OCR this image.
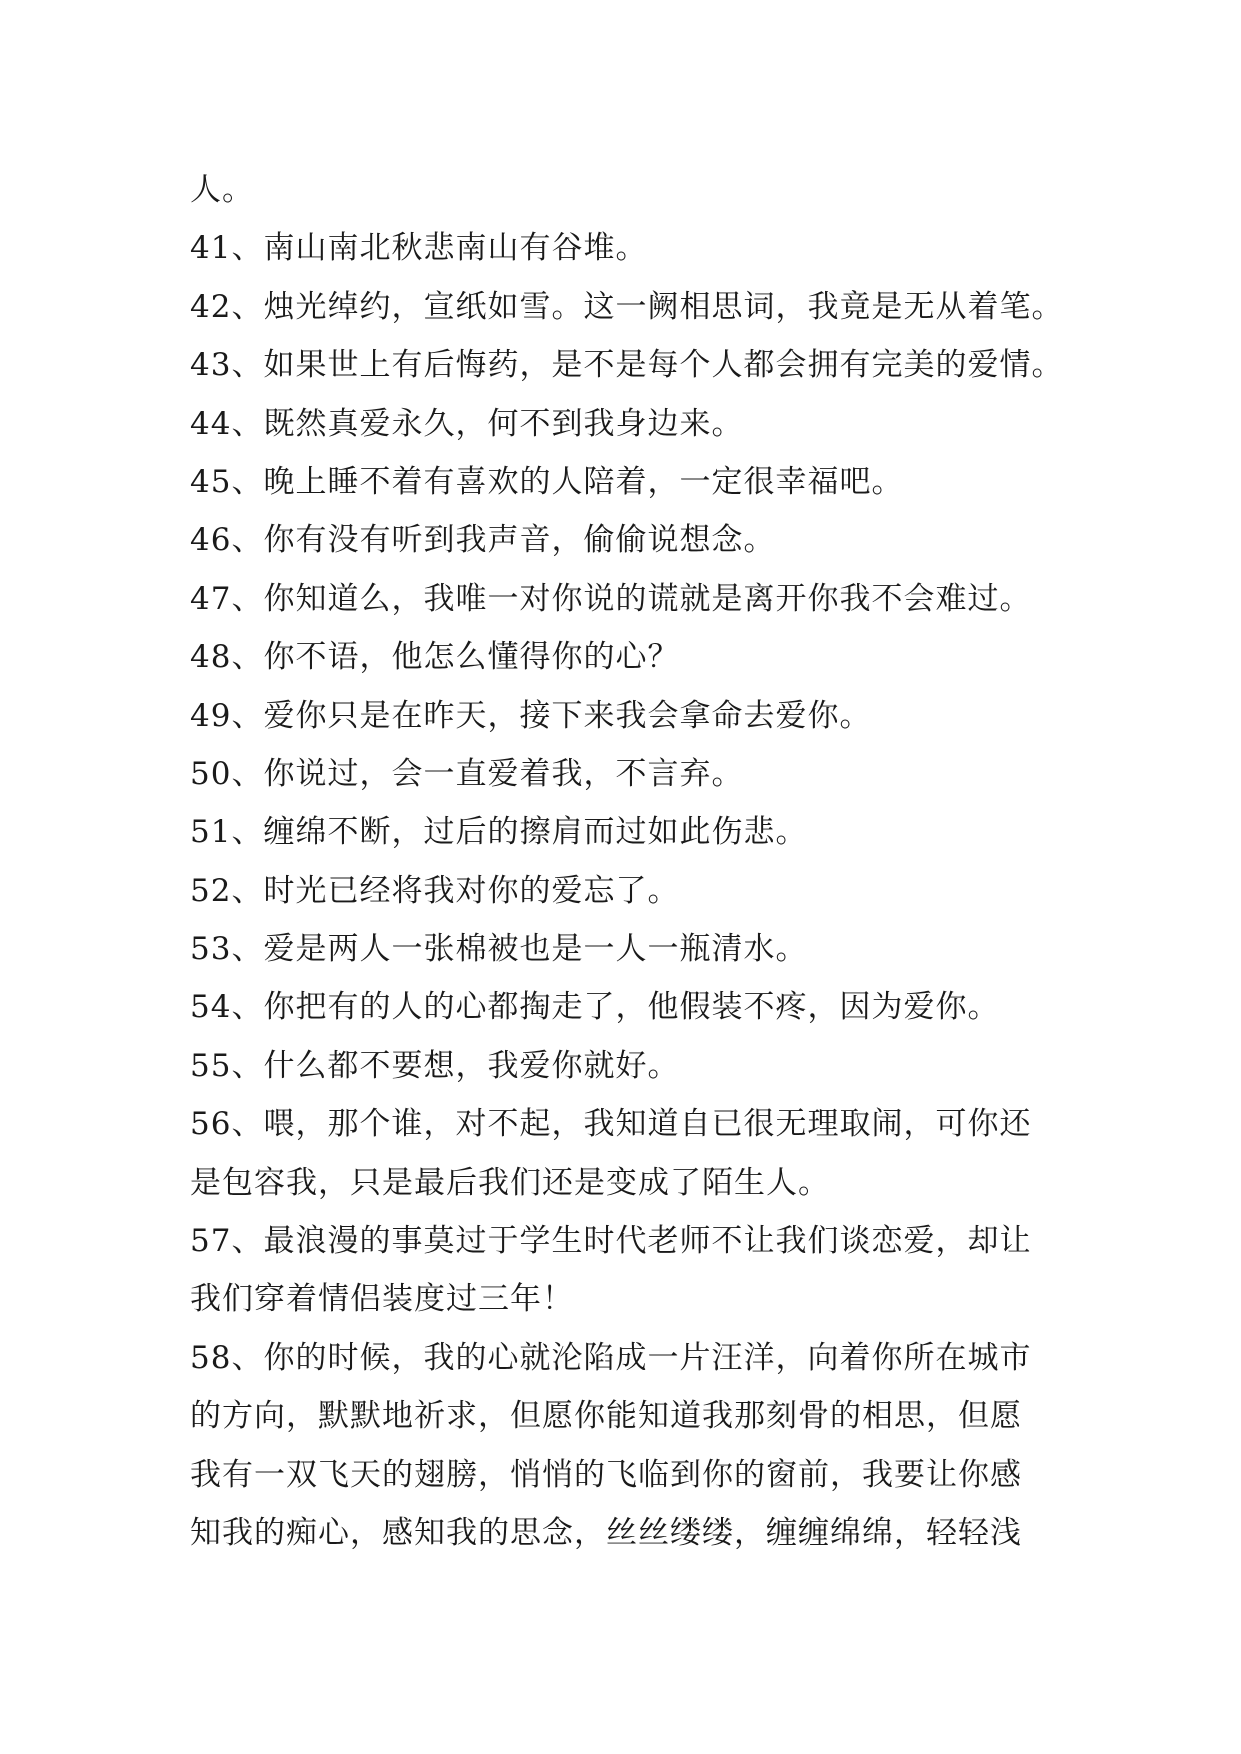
人。
41、南山南北秋悲南山有谷堆。
42、烛光绰约，宣纸如雪。这一阙相思词，我竟是无从着笔。
43、如果世上有后悔药，是不是每个人都会拥有完美的爱情。
44、既然真爱永久，何不到我身边来。
45、晚上睡不着有喜欢的人陪着，一定很幸福吧。
46、你有没有听到我声音，偷偷说想念。
47、你知道么，我唯一对你说的谎就是离开你我不会难过。
48、你不语，他怎么懂得你的心？
49、爱你只是在昨天，接下来我会拿命去爱你。
50、你说过，会一直爱着我，不言弃。
51、缠绵不断，过后的擦肩而过如此伤悲。
52、时光已经将我对你的爱忘了。
53、爱是两人一张棉被也是一人一瓶清水。
54、你把有的人的心都掏走了，他假装不疼，因为爱你。
55、什么都不要想，我爱你就好。
56、喂，那个谁，对不起，我知道自已很无理取闹，可你还
是包容我，只是最后我们还是变成了陌生人。
57、最浪漫的事莫过于学生时代老师不让我们谈恋爱，却让
我们穿着情侣装度过三年！
58、你的时候，我的心就沦陷成一片汪洋，向着你所在城市
的方向，默默地祈求，但愿你能知道我那刻骨的相思，但愿
我有一双飞天的翅膀，悄悄的飞临到你的窗前，我要让你感
知我的痴心，感知我的思念，丝丝缕缕，缠缠绵绵，轻轻浅
